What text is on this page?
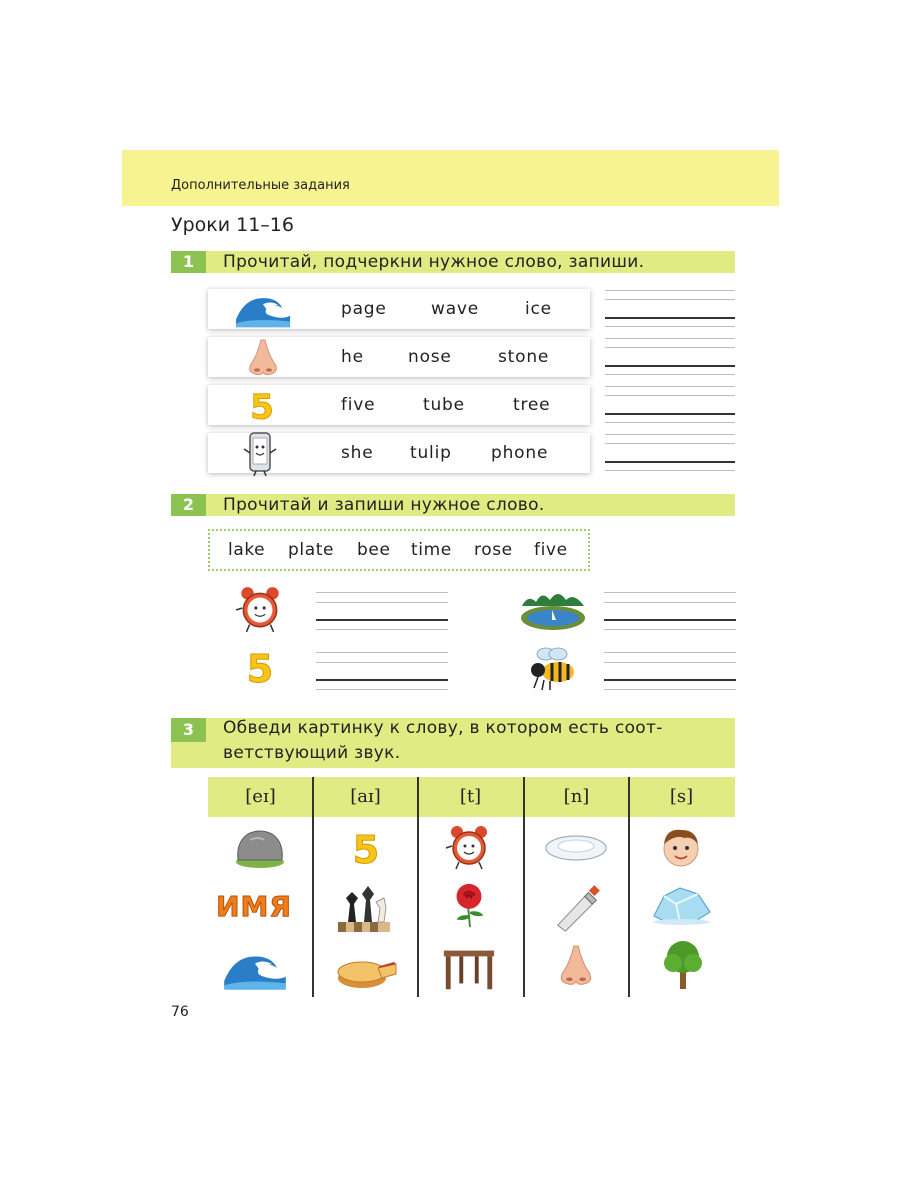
Дополнительные задания
Уроки 11–16
1	Прочитай, подчеркни нужное слово, запиши.
page	wave	ice
he	nose	stone
five	tube	tree
she tulip phone
2	Прочитай и запиши нужное слово.
lake plate bee time rose five
3	Обведи картинку к слову, в котором есть соот-
ветствующий звук.
[eɪ]	[aɪ]	[t]	[n]	[s]
ИМЯ
76
